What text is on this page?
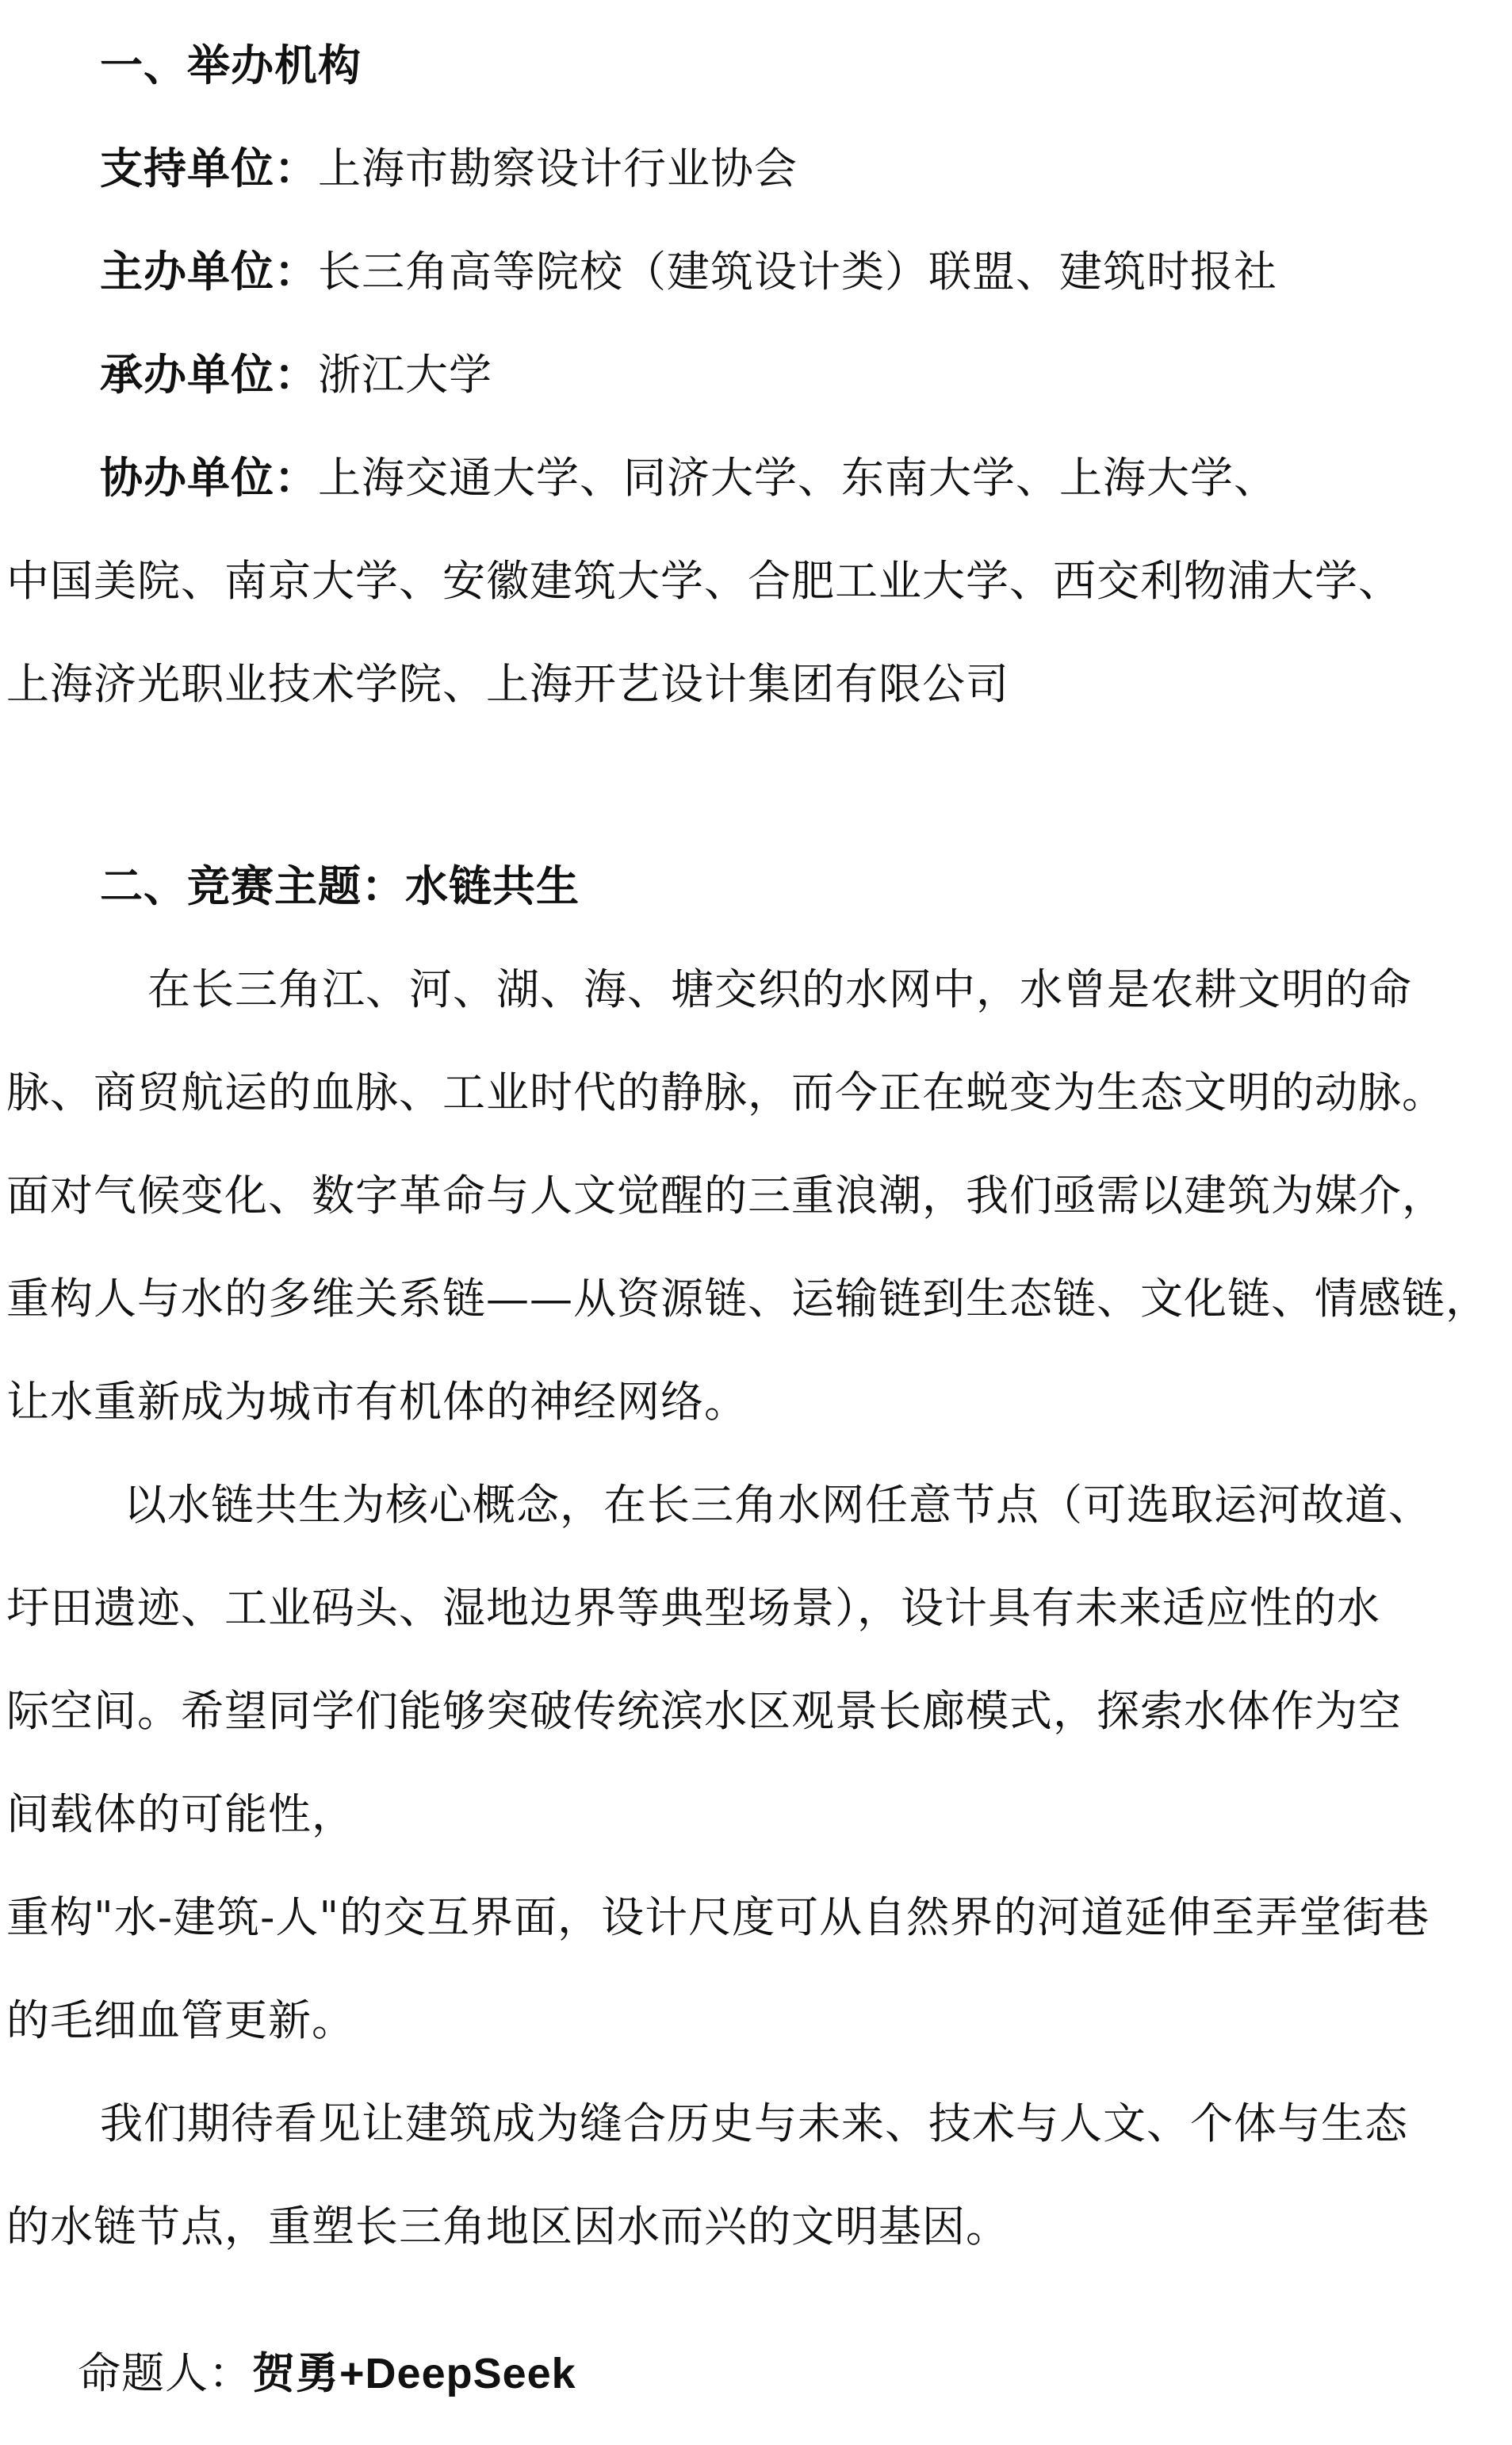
一、举办机构
支持单位：上海市勘察设计行业协会
主办单位：长三角高等院校（建筑设计类）联盟、建筑时报社
承办单位：浙江大学
协办单位：上海交通大学、同济大学、东南大学、上海大学、
中国美院、南京大学、安徽建筑大学、合肥工业大学、西交利物浦大学、
上海济光职业技术学院、上海开艺设计集团有限公司
二、竞赛主题：水链共生
在长三角江、河、湖、海、塘交织的水网中，水曾是农耕文明的命
脉、商贸航运的血脉、工业时代的静脉，而今正在蜕变为生态文明的动脉。
面对气候变化、数字革命与人文觉醒的三重浪潮，我们亟需以建筑为媒介，
重构人与水的多维关系链——从资源链、运输链到生态链、文化链、情感链，
让水重新成为城市有机体的神经网络。
以水链共生为核心概念，在长三角水网任意节点（可选取运河故道、
圩田遗迹、工业码头、湿地边界等典型场景），设计具有未来适应性的水
际空间。希望同学们能够突破传统滨水区观景长廊模式，探索水体作为空
间载体的可能性，
重构"水-建筑-人"的交互界面，设计尺度可从自然界的河道延伸至弄堂街巷
的毛细血管更新。
我们期待看见让建筑成为缝合历史与未来、技术与人文、个体与生态
的水链节点，重塑长三角地区因水而兴的文明基因。
命题人：贺勇+DeepSeek
